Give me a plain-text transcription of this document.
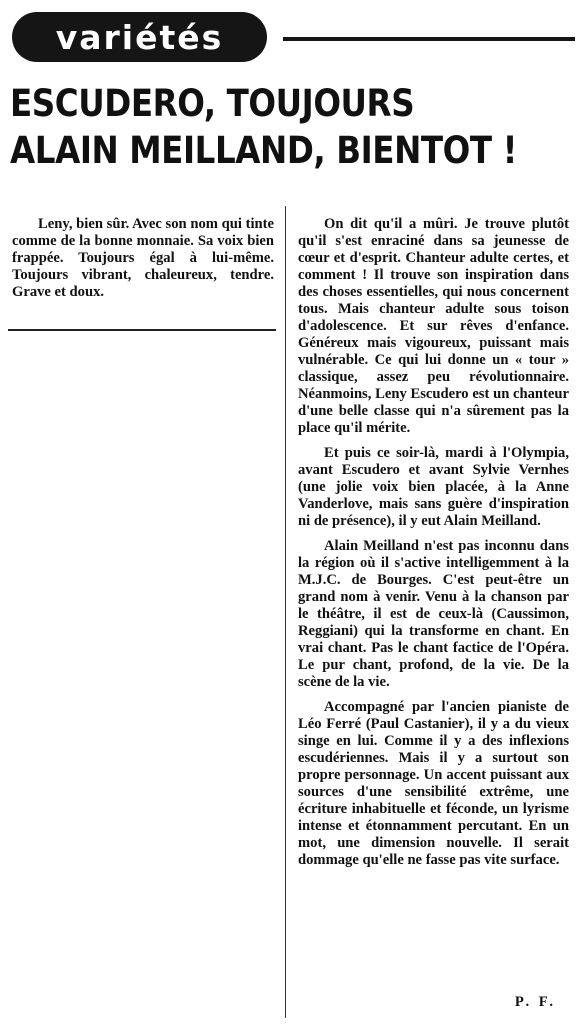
variétés
ESCUDERO, TOUJOURS
ALAIN MEILLAND, BIENTOT !

Leny, bien sûr. Avec son nom qui tinte comme de la bonne monnaie. Sa voix bien frappée. Toujours égal à lui-même. Toujours vibrant, chaleureux, tendre. Grave et doux.

On dit qu'il a mûri. Je trouve plutôt qu'il s'est enraciné dans sa jeunesse de cœur et d'esprit. Chanteur adulte certes, et comment ! Il trouve son inspiration dans des choses essentielles, qui nous concernent tous. Mais chanteur adulte sous toison d'adolescence. Et sur rêves d'enfance. Généreux mais vigoureux, puissant mais vulnérable. Ce qui lui donne un « tour » classique, assez peu révolutionnaire. Néanmoins, Leny Escudero est un chanteur d'une belle classe qui n'a sûrement pas la place qu'il mérite.

Et puis ce soir-là, mardi à l'Olympia, avant Escudero et avant Sylvie Vernhes (une jolie voix bien placée, à la Anne Vanderlove, mais sans guère d'inspiration ni de présence), il y eut Alain Meilland.

Alain Meilland n'est pas inconnu dans la région où il s'active intelligemment à la M.J.C. de Bourges. C'est peut-être un grand nom à venir. Venu à la chanson par le théâtre, il est de ceux-là (Caussimon, Reggiani) qui la transforme en chant. En vrai chant. Pas le chant factice de l'Opéra. Le pur chant, profond, de la vie. De la scène de la vie.

Accompagné par l'ancien pianiste de Léo Ferré (Paul Castanier), il y a du vieux singe en lui. Comme il y a des inflexions escudériennes. Mais il y a surtout son propre personnage. Un accent puissant aux sources d'une sensibilité extrême, une écriture inhabituelle et féconde, un lyrisme intense et étonnamment percutant. En un mot, une dimension nouvelle. Il serait dommage qu'elle ne fasse pas vite surface.

P. F.
